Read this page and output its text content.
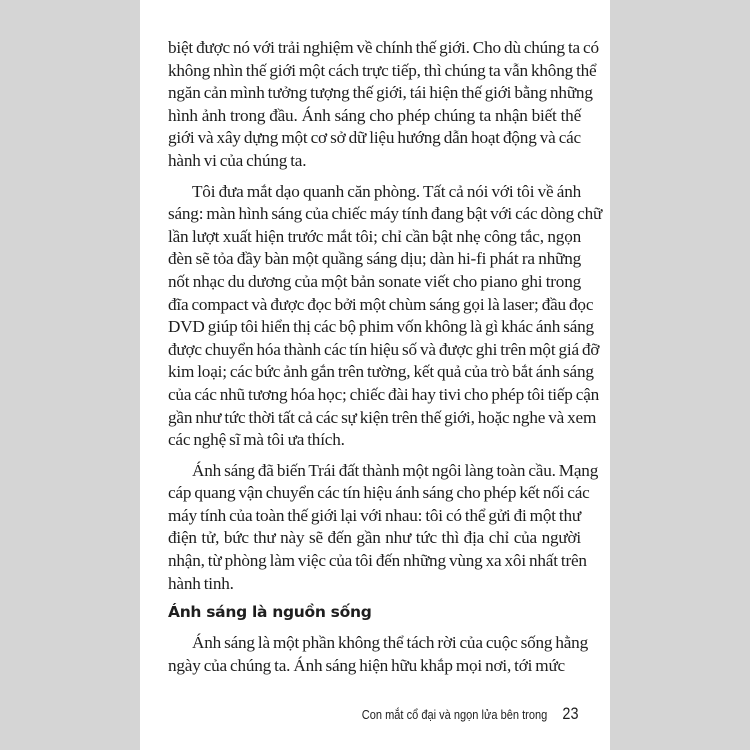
biệt được nó với trải nghiệm về chính thế giới. Cho dù chúng ta có
không nhìn thế giới một cách trực tiếp, thì chúng ta vẫn không thể
ngăn cản mình tưởng tượng thế giới, tái hiện thế giới bằng những
hình ảnh trong đầu. Ánh sáng cho phép chúng ta nhận biết thế
giới và xây dựng một cơ sở dữ liệu hướng dẫn hoạt động và các
hành vi của chúng ta.
Tôi đưa mắt dạo quanh căn phòng. Tất cả nói với tôi về ánh
sáng: màn hình sáng của chiếc máy tính đang bật với các dòng chữ
lần lượt xuất hiện trước mắt tôi; chỉ cần bật nhẹ công tắc, ngọn
đèn sẽ tỏa đầy bàn một quầng sáng dịu; dàn hi-fi phát ra những
nốt nhạc du dương của một bản sonate viết cho piano ghi trong
đĩa compact và được đọc bởi một chùm sáng gọi là laser; đầu đọc
DVD giúp tôi hiển thị các bộ phim vốn không là gì khác ánh sáng
được chuyển hóa thành các tín hiệu số và được ghi trên một giá đỡ
kim loại; các bức ảnh gắn trên tường, kết quả của trò bắt ánh sáng
của các nhũ tương hóa học; chiếc đài hay tivi cho phép tôi tiếp cận
gần như tức thời tất cả các sự kiện trên thế giới, hoặc nghe và xem
các nghệ sĩ mà tôi ưa thích.
Ánh sáng đã biến Trái đất thành một ngôi làng toàn cầu. Mạng
cáp quang vận chuyển các tín hiệu ánh sáng cho phép kết nối các
máy tính của toàn thế giới lại với nhau: tôi có thể gửi đi một thư
điện tử, bức thư này sẽ đến gần như tức thì địa chỉ của người
nhận, từ phòng làm việc của tôi đến những vùng xa xôi nhất trên
hành tinh.
Ánh sáng là nguồn sống
Ánh sáng là một phần không thể tách rời của cuộc sống hằng
ngày của chúng ta. Ánh sáng hiện hữu khắp mọi nơi, tới mức
Con mắt cổ đại và ngọn lửa bên trong 23
